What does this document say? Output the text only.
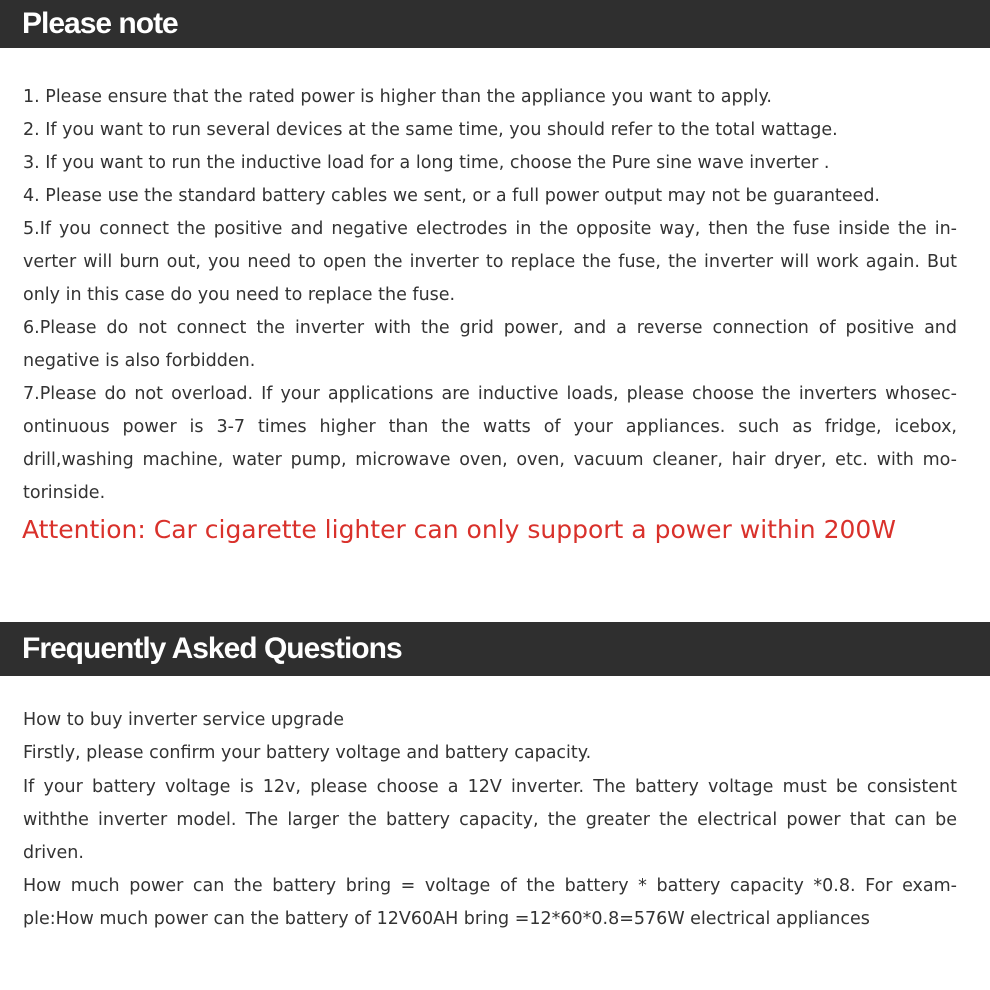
Please note
1. Please ensure that the rated power is higher than the appliance you want to apply.
2. If you want to run several devices at the same time, you should refer to the total wattage.
3. If you want to run the inductive load for a long time, choose the Pure sine wave inverter .
4. Please use the standard battery cables we sent, or a full power output may not be guaranteed.
5.If you connect the positive and negative electrodes in the opposite way, then the fuse inside the in-
verter will burn out, you need to open the inverter to replace the fuse, the inverter will work again. But
only in this case do you need to replace the fuse.
6.Please do not connect the inverter with the grid power, and a reverse connection of positive and
negative is also forbidden.
7.Please do not overload. If your applications are inductive loads, please choose the inverters whosec-
ontinuous power is 3-7 times higher than the watts of your appliances. such as fridge, icebox,
drill,washing machine, water pump, microwave oven, oven, vacuum cleaner, hair dryer, etc. with mo-
torinside.
Attention: Car cigarette lighter can only support a power within 200W
Frequently Asked Questions
How to buy inverter service upgrade
Firstly, please confirm your battery voltage and battery capacity.
If your battery voltage is 12v, please choose a 12V inverter. The battery voltage must be consistent
withthe inverter model. The larger the battery capacity, the greater the electrical power that can be
driven.
How much power can the battery bring = voltage of the battery * battery capacity *0.8. For exam-
ple:How much power can the battery of 12V60AH bring =12*60*0.8=576W electrical appliances
